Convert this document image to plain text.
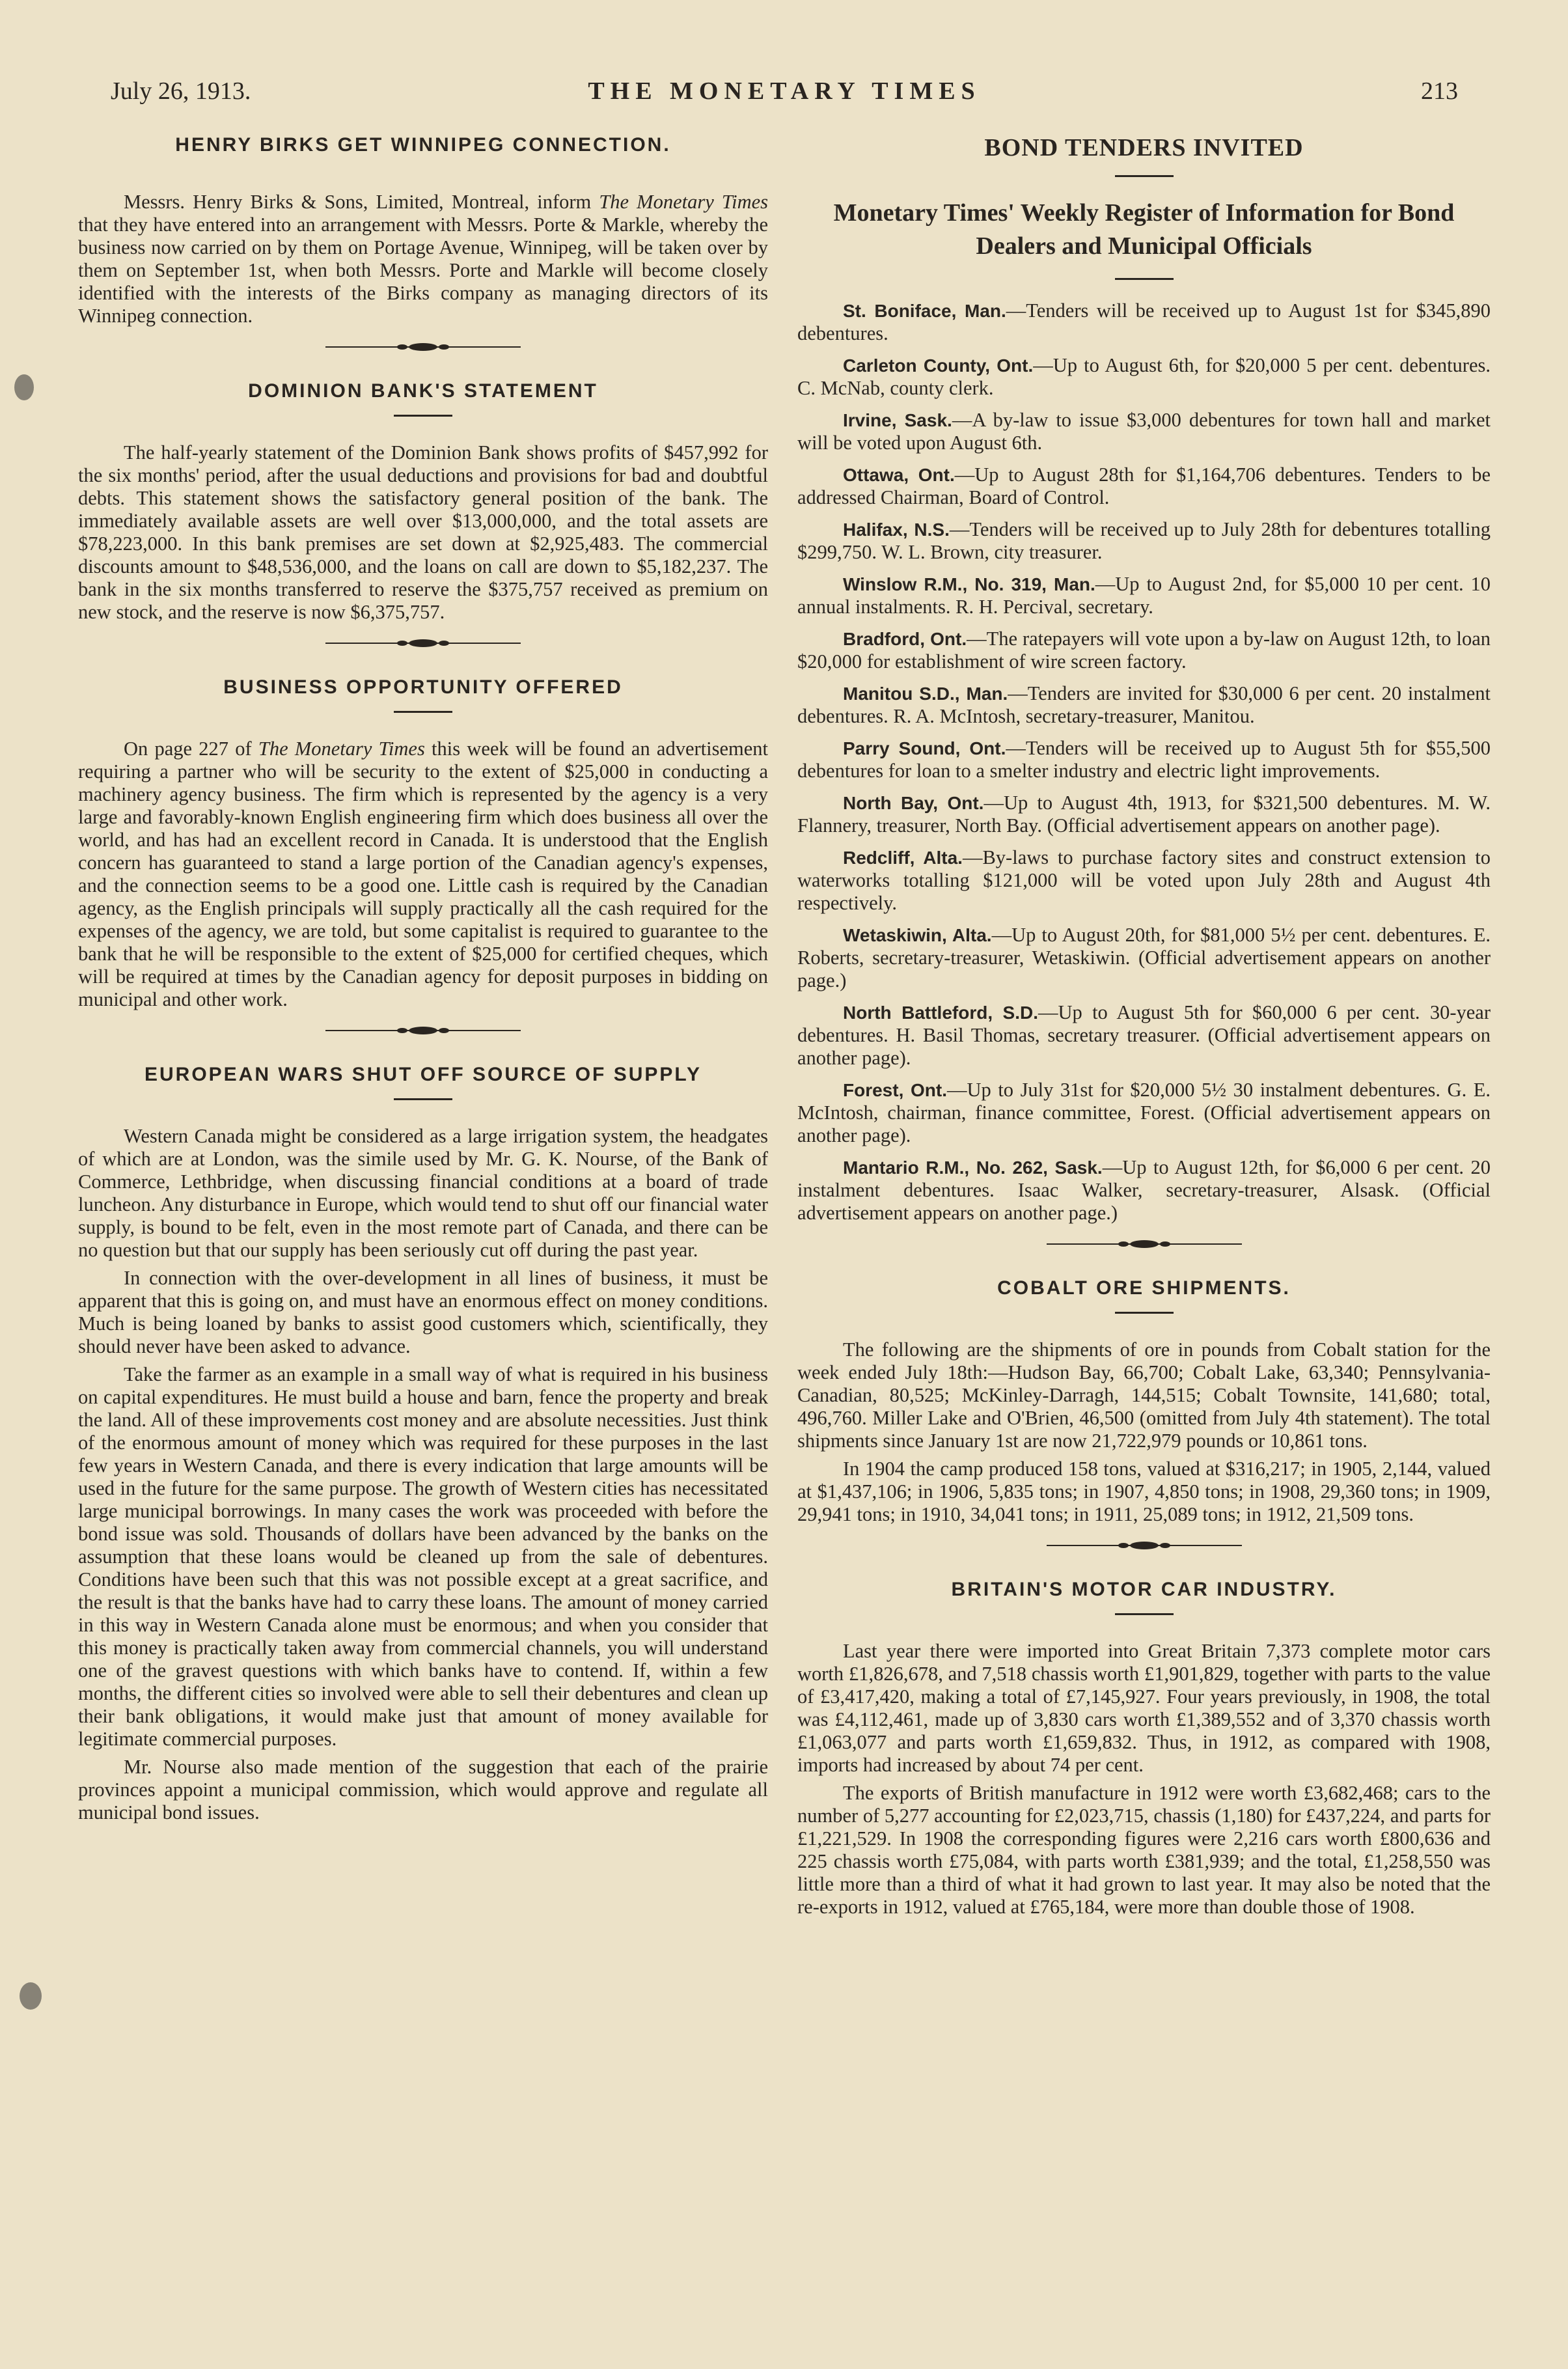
July 26, 1913.	THE MONETARY TIMES	213
HENRY BIRKS GET WINNIPEG CONNECTION.

Messrs. Henry Birks & Sons, Limited, Montreal, inform The Monetary Times that they have entered into an arrangement with Messrs. Porte & Markle, whereby the business now carried on by them on Portage Avenue, Winnipeg, will be taken over by them on September 1st, when both Messrs. Porte and Markle will become closely identified with the interests of the Birks company as managing directors of its Winnipeg connection.

DOMINION BANK'S STATEMENT

The half-yearly statement of the Dominion Bank shows profits of $457,992 for the six months' period, after the usual deductions and provisions for bad and doubtful debts. This statement shows the satisfactory general position of the bank. The immediately available assets are well over $13,000,000, and the total assets are $78,223,000. In this bank premises are set down at $2,925,483. The commercial discounts amount to $48,536,000, and the loans on call are down to $5,182,237. The bank in the six months transferred to reserve the $375,757 received as premium on new stock, and the reserve is now $6,375,757.

BUSINESS OPPORTUNITY OFFERED

On page 227 of The Monetary Times this week will be found an advertisement requiring a partner who will be security to the extent of $25,000 in conducting a machinery agency business. The firm which is represented by the agency is a very large and favorably-known English engineering firm which does business all over the world, and has had an excellent record in Canada. It is understood that the English concern has guaranteed to stand a large portion of the Canadian agency's expenses, and the connection seems to be a good one. Little cash is required by the Canadian agency, as the English principals will supply practically all the cash required for the expenses of the agency, we are told, but some capitalist is required to guarantee to the bank that he will be responsible to the extent of $25,000 for certified cheques, which will be required at times by the Canadian agency for deposit purposes in bidding on municipal and other work.

EUROPEAN WARS SHUT OFF SOURCE OF SUPPLY

Western Canada might be considered as a large irrigation system, the headgates of which are at London, was the simile used by Mr. G. K. Nourse, of the Bank of Commerce, Lethbridge, when discussing financial conditions at a board of trade luncheon. Any disturbance in Europe, which would tend to shut off our financial water supply, is bound to be felt, even in the most remote part of Canada, and there can be no question but that our supply has been seriously cut off during the past year.

In connection with the over-development in all lines of business, it must be apparent that this is going on, and must have an enormous effect on money conditions. Much is being loaned by banks to assist good customers which, scientifically, they should never have been asked to advance.

Take the farmer as an example in a small way of what is required in his business on capital expenditures. He must build a house and barn, fence the property and break the land. All of these improvements cost money and are absolute necessities. Just think of the enormous amount of money which was required for these purposes in the last few years in Western Canada, and there is every indication that large amounts will be used in the future for the same purpose. The growth of Western cities has necessitated large municipal borrowings. In many cases the work was proceeded with before the bond issue was sold. Thousands of dollars have been advanced by the banks on the assumption that these loans would be cleaned up from the sale of debentures. Conditions have been such that this was not possible except at a great sacrifice, and the result is that the banks have had to carry these loans. The amount of money carried in this way in Western Canada alone must be enormous; and when you consider that this money is practically taken away from commercial channels, you will understand one of the gravest questions with which banks have to contend. If, within a few months, the different cities so involved were able to sell their debentures and clean up their bank obligations, it would make just that amount of money available for legitimate commercial purposes.

Mr. Nourse also made mention of the suggestion that each of the prairie provinces appoint a municipal commission, which would approve and regulate all municipal bond issues.

BOND TENDERS INVITED
Monetary Times' Weekly Register of Information for Bond Dealers and Municipal Officials

St. Boniface, Man.—Tenders will be received up to August 1st for $345,890 debentures.

Carleton County, Ont.—Up to August 6th, for $20,000 5 per cent. debentures. C. McNab, county clerk.

Irvine, Sask.—A by-law to issue $3,000 debentures for town hall and market will be voted upon August 6th.

Ottawa, Ont.—Up to August 28th for $1,164,706 debentures. Tenders to be addressed Chairman, Board of Control.

Halifax, N.S.—Tenders will be received up to July 28th for debentures totalling $299,750. W. L. Brown, city treasurer.

Winslow R.M., No. 319, Man.—Up to August 2nd, for $5,000 10 per cent. 10 annual instalments. R. H. Percival, secretary.

Bradford, Ont.—The ratepayers will vote upon a by-law on August 12th, to loan $20,000 for establishment of wire screen factory.

Manitou S.D., Man.—Tenders are invited for $30,000 6 per cent. 20 instalment debentures. R. A. McIntosh, secretary-treasurer, Manitou.

Parry Sound, Ont.—Tenders will be received up to August 5th for $55,500 debentures for loan to a smelter industry and electric light improvements.

North Bay, Ont.—Up to August 4th, 1913, for $321,500 debentures. M. W. Flannery, treasurer, North Bay. (Official advertisement appears on another page).

Redcliff, Alta.—By-laws to purchase factory sites and construct extension to waterworks totalling $121,000 will be voted upon July 28th and August 4th respectively.

Wetaskiwin, Alta.—Up to August 20th, for $81,000 5½ per cent. debentures. E. Roberts, secretary-treasurer, Wetaskiwin. (Official advertisement appears on another page.)

North Battleford, S.D.—Up to August 5th for $60,000 6 per cent. 30-year debentures. H. Basil Thomas, secretary treasurer. (Official advertisement appears on another page).

Forest, Ont.—Up to July 31st for $20,000 5½ 30 instalment debentures. G. E. McIntosh, chairman, finance committee, Forest. (Official advertisement appears on another page).

Mantario R.M., No. 262, Sask.—Up to August 12th, for $6,000 6 per cent. 20 instalment debentures. Isaac Walker, secretary-treasurer, Alsask. (Official advertisement appears on another page.)

COBALT ORE SHIPMENTS.

The following are the shipments of ore in pounds from Cobalt station for the week ended July 18th:—Hudson Bay, 66,700; Cobalt Lake, 63,340; Pennsylvania-Canadian, 80,525; McKinley-Darragh, 144,515; Cobalt Townsite, 141,680; total, 496,760. Miller Lake and O'Brien, 46,500 (omitted from July 4th statement). The total shipments since January 1st are now 21,722,979 pounds or 10,861 tons.

In 1904 the camp produced 158 tons, valued at $316,217; in 1905, 2,144, valued at $1,437,106; in 1906, 5,835 tons; in 1907, 4,850 tons; in 1908, 29,360 tons; in 1909, 29,941 tons; in 1910, 34,041 tons; in 1911, 25,089 tons; in 1912, 21,509 tons.

BRITAIN'S MOTOR CAR INDUSTRY.

Last year there were imported into Great Britain 7,373 complete motor cars worth £1,826,678, and 7,518 chassis worth £1,901,829, together with parts to the value of £3,417,420, making a total of £7,145,927. Four years previously, in 1908, the total was £4,112,461, made up of 3,830 cars worth £1,389,552 and of 3,370 chassis worth £1,063,077 and parts worth £1,659,832. Thus, in 1912, as compared with 1908, imports had increased by about 74 per cent.

The exports of British manufacture in 1912 were worth £3,682,468; cars to the number of 5,277 accounting for £2,023,715, chassis (1,180) for £437,224, and parts for £1,221,529. In 1908 the corresponding figures were 2,216 cars worth £800,636 and 225 chassis worth £75,084, with parts worth £381,939; and the total, £1,258,550 was little more than a third of what it had grown to last year. It may also be noted that the re-exports in 1912, valued at £765,184, were more than double those of 1908.
